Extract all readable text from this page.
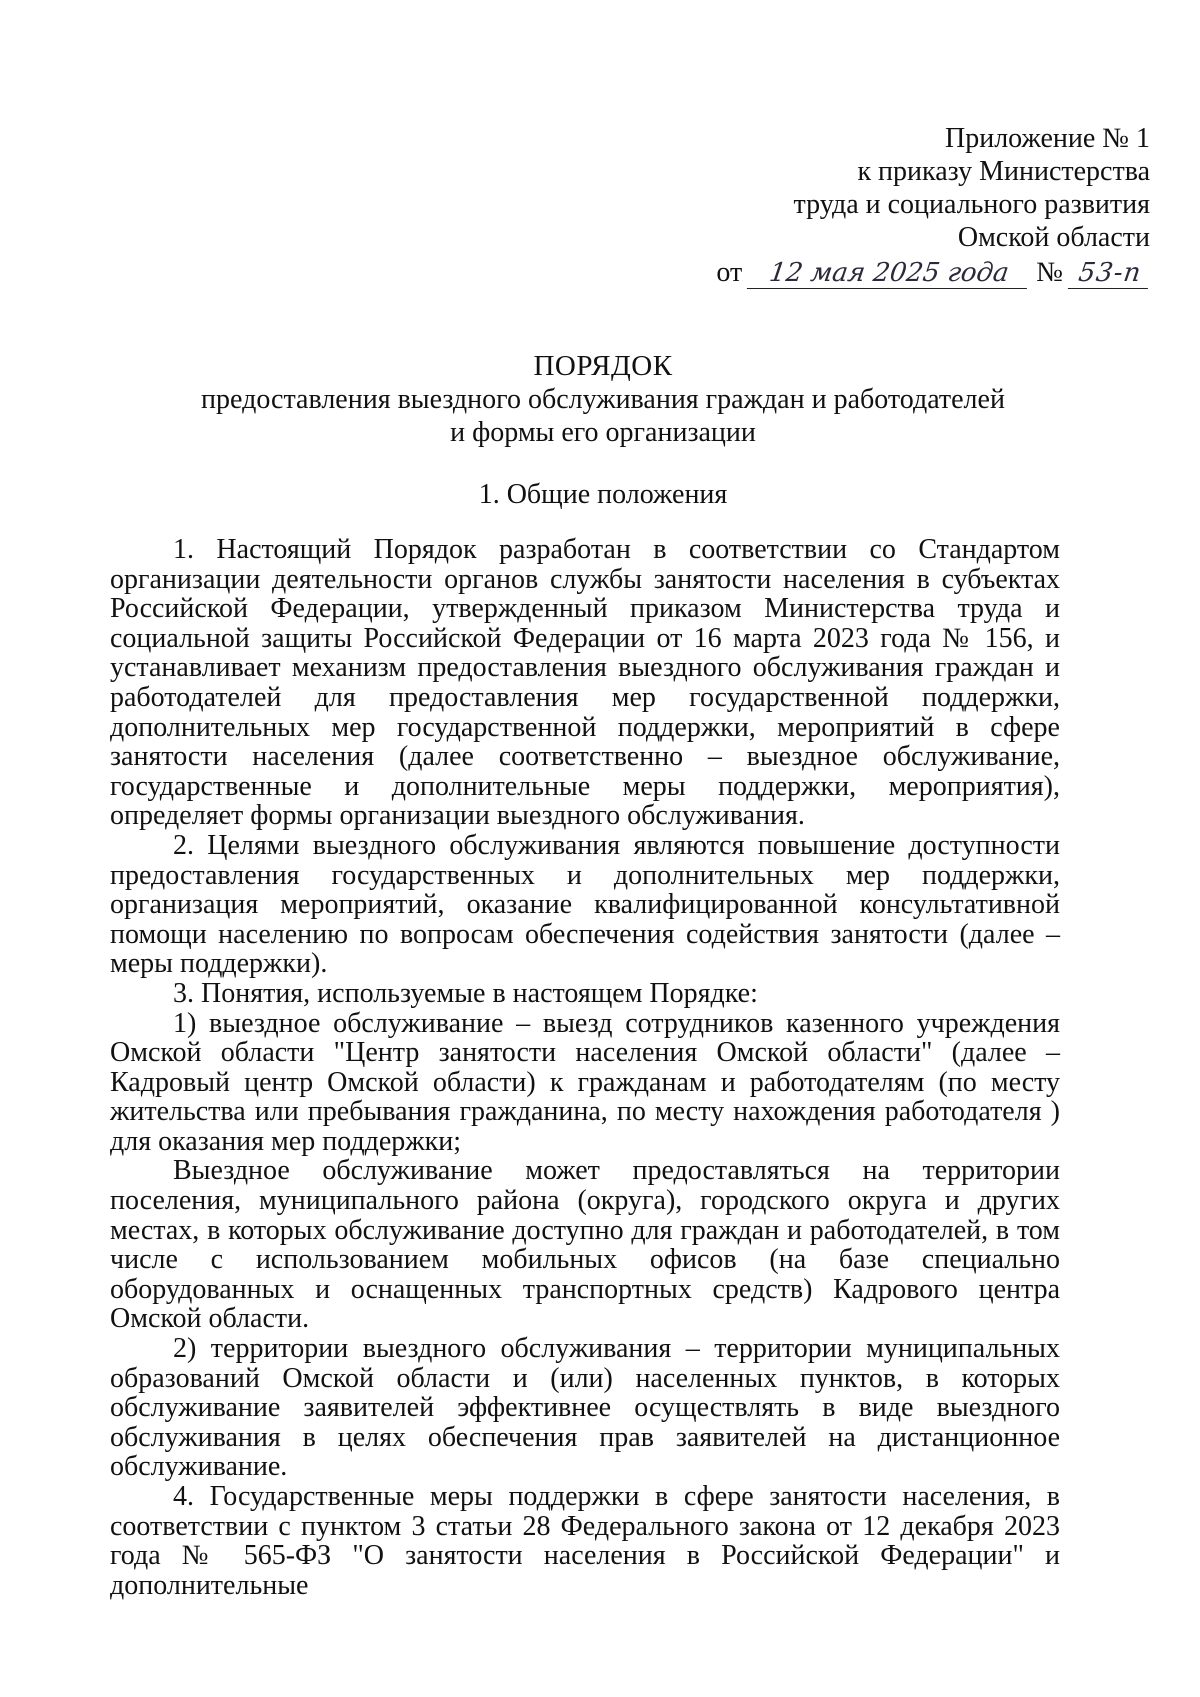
Приложение № 1
к приказу Министерства
труда и социального развития
Омской области
от 12 мая 2025 года № 53-п
ПОРЯДОК
предоставления выездного обслуживания граждан и работодателей
и формы его организации
1. Общие положения

1. Настоящий Порядок разработан в соответствии со Стандартом организации деятельности органов службы занятости населения в субъектах Российской Федерации, утвержденный приказом Министерства труда и социальной защиты Российской Федерации от 16 марта 2023 года № 156, и устанавливает механизм предоставления выездного обслуживания граждан и работодателей для предоставления мер государственной поддержки, дополнительных мер государственной поддержки, мероприятий в сфере занятости населения (далее соответственно – выездное обслуживание, государственные и дополнительные меры поддержки, мероприятия), определяет формы организации выездного обслуживания.

2. Целями выездного обслуживания являются повышение доступности предоставления государственных и дополнительных мер поддержки, организация мероприятий, оказание квалифицированной консультативной помощи населению по вопросам обеспечения содействия занятости (далее – меры поддержки).

3. Понятия, используемые в настоящем Порядке:

1) выездное обслуживание – выезд сотрудников казенного учреждения Омской области "Центр занятости населения Омской области" (далее – Кадровый центр Омской области) к гражданам и работодателям (по месту жительства или пребывания гражданина, по месту нахождения работодателя ) для оказания мер поддержки;

Выездное обслуживание может предоставляться на территории поселения, муниципального района (округа), городского округа и других местах, в которых обслуживание доступно для граждан и работодателей, в том числе с использованием мобильных офисов (на базе специально оборудованных и оснащенных транспортных средств) Кадрового центра Омской области.

2) территории выездного обслуживания – территории муниципальных образований Омской области и (или) населенных пунктов, в которых обслуживание заявителей эффективнее осуществлять в виде выездного обслуживания в целях обеспечения прав заявителей на дистанционное обслуживание.

4. Государственные меры поддержки в сфере занятости населения, в соответствии с пунктом 3 статьи 28 Федерального закона от 12 декабря 2023 года № 565-ФЗ "О занятости населения в Российской Федерации" и дополнительные
